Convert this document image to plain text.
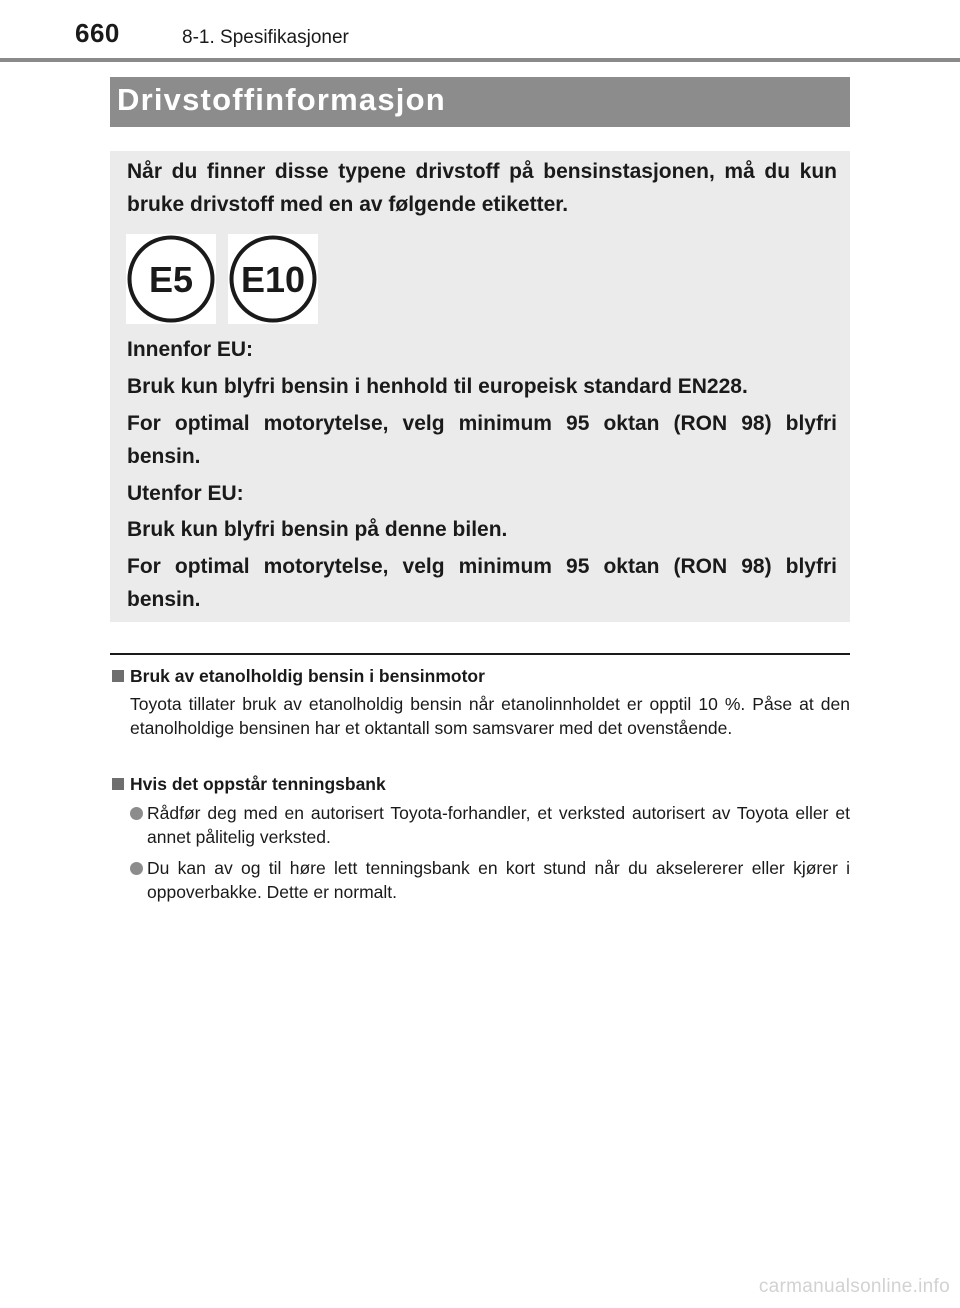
660	8-1. Spesifikasjoner
Drivstoffinformasjon

Når du finner disse typene drivstoff på bensinstasjonen, må du kun bruke drivstoff med en av følgende etiketter.

E5 E10

Innenfor EU:

Bruk kun blyfri bensin i henhold til europeisk standard EN228.

For optimal motorytelse, velg minimum 95 oktan (RON 98) blyfri bensin.

Utenfor EU:

Bruk kun blyfri bensin på denne bilen.

For optimal motorytelse, velg minimum 95 oktan (RON 98) blyfri bensin.

Bruk av etanolholdig bensin i bensinmotor
Toyota tillater bruk av etanolholdig bensin når etanolinnholdet er opptil 10 %. Påse at den etanolholdige bensinen har et oktantall som samsvarer med det ovenstående.
Hvis det oppstår tenningsbank
Rådfør deg med en autorisert Toyota-forhandler, et verksted autorisert av Toyota eller et annet pålitelig verksted.
Du kan av og til høre lett tenningsbank en kort stund når du akselererer eller kjører i oppoverbakke. Dette er normalt.
carmanualsonline.info
